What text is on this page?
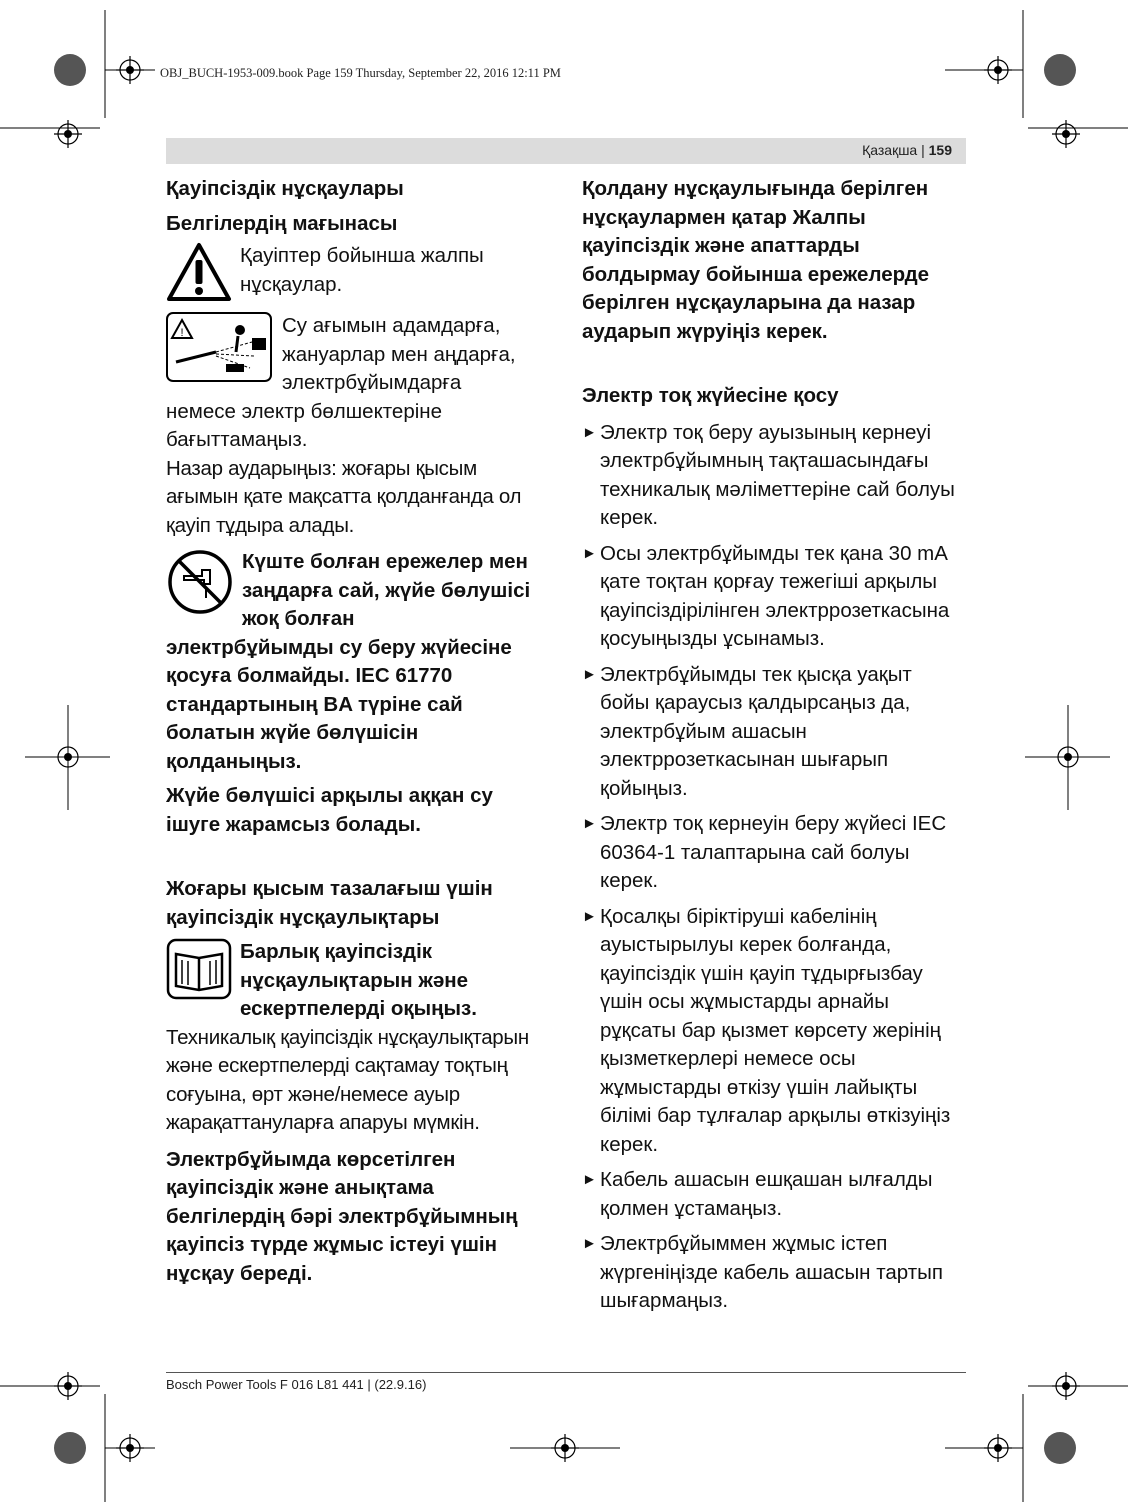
OBJ_BUCH-1953-009.book Page 159 Thursday, September 22, 2016 12:11 PM
Қазақша | 159

Қауіпсіздік нұсқаулары

Белгілердің мағынасы

Қауіптер бойынша жалпы нұсқаулар.

!	Су ағымын адамдарға, жануарлар мен аңдарға, электрбұйымдарға

немесе электр бөлшектеріне бағыттамаңыз.

Назар аударыңыз: жоғары қысым ағымын қате мақсатта қолданғанда ол қауіп тұдыра алады.

Күште болған ережелер мен заңдарға сай, жүйе бөлушісі жоқ болған

электрбұйымды су беру жүйесіне қосуға болмайды. IEC 61770 стандартының BA түріне сай болатын жүйе бөлүшісін қолданыңыз.

Жүйе бөлүшісі арқылы аққан су ішуге жарамсыз болады.

Жоғары қысым тазалағыш үшін қауіпсіздік нұсқаулықтары

Барлық қауіпсіздік нұсқаулықтарын және ескертпелерді оқыңыз.

Техникалық қауіпсіздік нұсқаулықтарын және ескертпелерді сақтамау тоқтың соғуына, өрт және/немесе ауыр жарақаттануларға апаруы мүмкін.

Электрбұйымда көрсетілген қауіпсіздік және анықтама белгілердің бәрі электрбұйымның қауіпсіз түрде жұмыс істеуі үшін нұсқау береді.

Қолдану нұсқаулығында берілген нұсқаулармен қатар Жалпы қауіпсіздік және апаттарды болдырмау бойынша ережелерде берілген нұсқауларына да назар аударып жүруіңіз керек.

Электр тоқ жүйесіне қосу

► Электр тоқ беру ауызының кернеуі электрбұйымның тақташасындағы техникалық мәліметтеріне сай болуы керек.
► Осы электрбұйымды тек қана 30 mA қате тоқтан қорғау тежегіші арқылы қауіпсіздірілінген электррозеткасына қосуыңызды ұсынамыз.
► Электрбұйымды тек қысқа уақыт бойы қараусыз қалдырсаңыз да, электрбұйым ашасын электррозеткасынан шығарып қойыңыз.
► Электр тоқ кернеуін беру жүйесі IEC 60364-1 талаптарына сай болуы керек.
► Қосалқы біріктіруші кабелінің ауыстырылуы керек болғанда, қауіпсіздік үшін қауіп тұдырғызбау үшін осы жұмыстарды арнайы рұқсаты бар қызмет көрсету жерінің қызметкерлері немесе осы жұмыстарды өткізу үшін лайықты білімі бар тұлғалар арқылы өткізуіңіз керек.
► Кабель ашасын ешқашан ылғалды қолмен ұстамаңыз.
► Электрбұйыммен жұмыс істеп жүргеніңізде кабель ашасын тартып шығармаңыз.
Bosch Power Tools F 016 L81 441 | (22.9.16)
